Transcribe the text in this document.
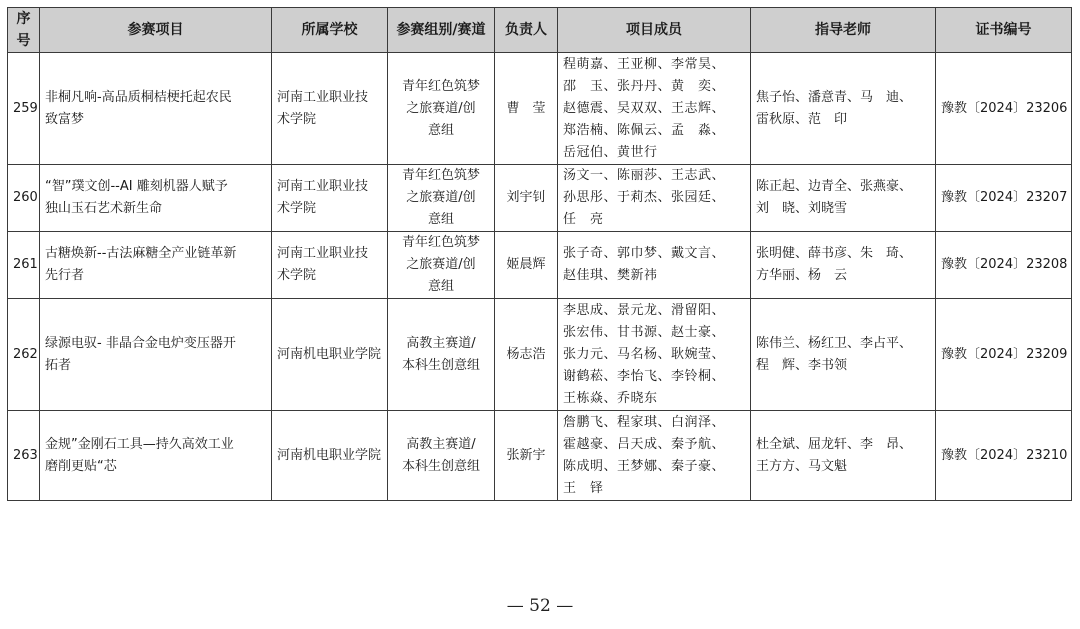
序号	参赛项目	所属学校	参赛组别/赛道	负责人	项目成员	指导老师	证书编号
259	非桐凡响-高品质桐桔梗托起农民
致富梦	河南工业职业技
术学院	青年红色筑梦
之旅赛道/创
意组	曹　莹	程萌嘉、王亚柳、李常昊、
邵　玉、张丹丹、黄　奕、
赵德震、吴双双、王志辉、
郑浩楠、陈佩云、孟　淼、
岳冠伯、黄世行	焦子怡、潘意青、马　迪、
雷秋原、范　印	豫教〔2024〕23206
260	“智”璞文创--AI 雕刻机器人赋予
独山玉石艺术新生命	河南工业职业技
术学院	青年红色筑梦
之旅赛道/创
意组	刘宇钊	汤文一、陈丽莎、王志武、
孙思彤、于莉杰、张园廷、
任　亮	陈正起、边青全、张燕豪、
刘　晓、刘晓雪	豫教〔2024〕23207
261	古糖焕新--古法麻糖全产业链革新
先行者	河南工业职业技
术学院	青年红色筑梦
之旅赛道/创
意组	姬晨辉	张子奇、郭巾梦、戴文言、
赵佳琪、樊新祎	张明健、薛书彦、朱　琦、
方华丽、杨　云	豫教〔2024〕23208
262	绿源电驭- 非晶合金电炉变压器开
拓者	河南机电职业学院	高教主赛道/
本科生创意组	杨志浩	李思成、景元龙、滑留阳、
张宏伟、甘书源、赵士豪、
张力元、马名杨、耿婉莹、
谢鹤菘、李怡飞、李铃桐、
王栋焱、乔晓东	陈伟兰、杨红卫、李占平、
程　辉、李书领	豫教〔2024〕23209
263	金规”金刚石工具—持久高效工业
磨削更贴“芯	河南机电职业学院	高教主赛道/
本科生创意组	张新宇	詹鹏飞、程家琪、白润泽、
霍越豪、吕天成、秦予航、
陈成明、王梦娜、秦子豪、
王　铎	杜全斌、屈龙轩、李　昂、
王方方、马文魁	豫教〔2024〕23210
— 52 —
